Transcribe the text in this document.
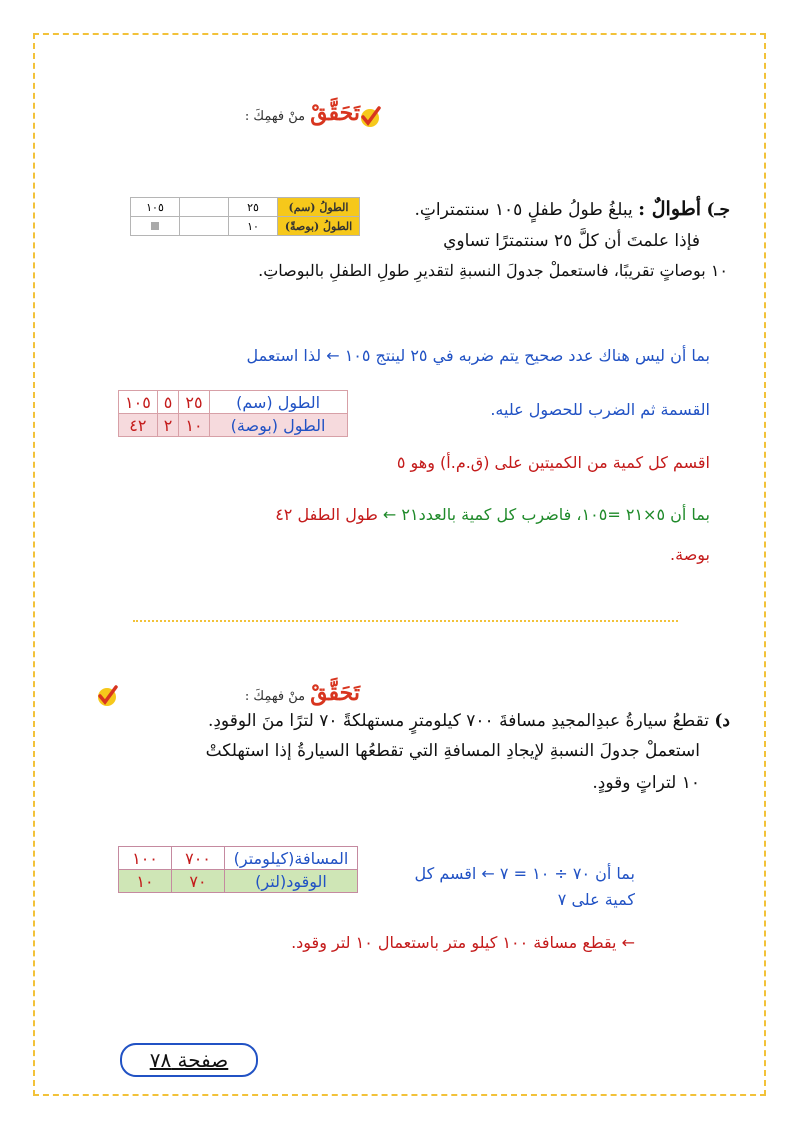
تَحَقَّقْ منْ فهمِكَ :
جـ) أطوالٌ : يبلغُ طولُ طفلٍ ١٠٥ سنتمتراتٍ.
فإذا علمتَ أن كلَّ ٢٥ سنتمترًا تساوي
١٠ بوصاتٍ تقريبًا، فاستعملْ جدولَ النسبةِ لتقديرِ طولِ الطفلِ بالبوصاتِ.
الطولُ (سم)	٢٥		١٠٥
الطولُ (بوصةً)	١٠		
بما أن ليس هناك عدد صحيح يتم ضربه في ٢٥ لينتج ١٠٥ ← لذا استعمل
الطول (سم)	٢٥	٥	١٠٥
الطول (بوصة)	١٠	٢	٤٢
القسمة ثم الضرب للحصول عليه.
اقسم كل كمية من الكميتين على (ق.م.أ) وهو ٥
بما أن ٥×٢١ =١٠٥، فاضرب كل كمية بالعدد٢١ ← طول الطفل ٤٢
بوصة.
تَحَقَّقْ منْ فهمِكَ :
د) تقطعُ سيارةُ عبدِالمجيدِ مسافةَ ٧٠٠ كيلومترٍ مستهلكةً ٧٠ لترًا منَ الوقودِ.
استعملْ جدولَ النسبةِ لإيجادِ المسافةِ التي تقطعُها السيارةُ إذا استهلكتْ
١٠ لتراتٍ وقودٍ.
المسافة(كيلومتر)	٧٠٠	١٠٠
الوقود(لتر)	٧٠	١٠	بما أن ٧٠ ÷ ١٠ = ٧ ← اقسم كل
كمية على ٧
← يقطع مسافة ١٠٠ كيلو متر باستعمال ١٠ لتر وقود.
صفحة ٧٨
